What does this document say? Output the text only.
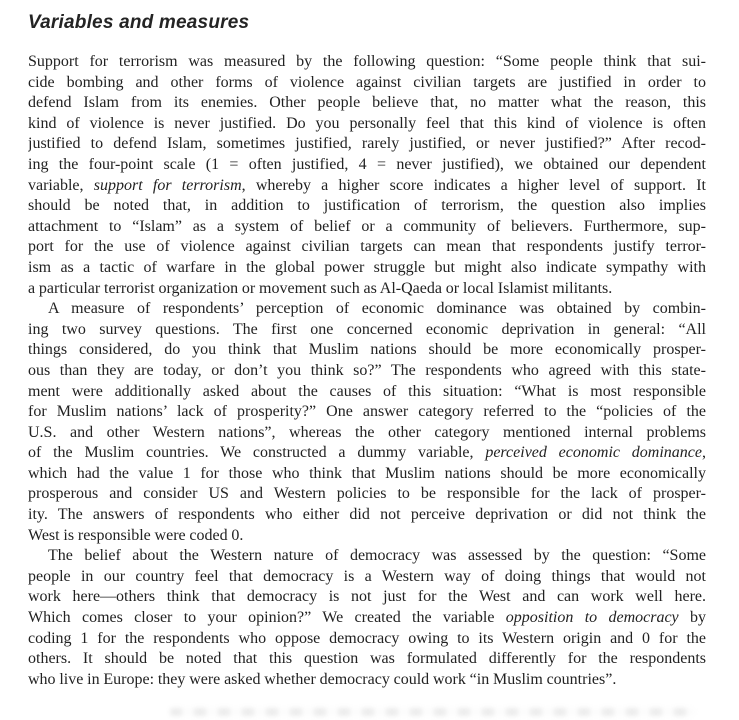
Variables and measures
Support for terrorism was measured by the following question: “Some people think that sui-
cide bombing and other forms of violence against civilian targets are justified in order to
defend Islam from its enemies. Other people believe that, no matter what the reason, this
kind of violence is never justified. Do you personally feel that this kind of violence is often
justified to defend Islam, sometimes justified, rarely justified, or never justified?” After recod-
ing the four-point scale (1 = often justified, 4 = never justified), we obtained our dependent
variable, support for terrorism, whereby a higher score indicates a higher level of support. It
should be noted that, in addition to justification of terrorism, the question also implies
attachment to “Islam” as a system of belief or a community of believers. Furthermore, sup-
port for the use of violence against civilian targets can mean that respondents justify terror-
ism as a tactic of warfare in the global power struggle but might also indicate sympathy with
a particular terrorist organization or movement such as Al-Qaeda or local Islamist militants.
A measure of respondents’ perception of economic dominance was obtained by combin-
ing two survey questions. The first one concerned economic deprivation in general: “All
things considered, do you think that Muslim nations should be more economically prosper-
ous than they are today, or don’t you think so?” The respondents who agreed with this state-
ment were additionally asked about the causes of this situation: “What is most responsible
for Muslim nations’ lack of prosperity?” One answer category referred to the “policies of the
U.S. and other Western nations”, whereas the other category mentioned internal problems
of the Muslim countries. We constructed a dummy variable, perceived economic dominance,
which had the value 1 for those who think that Muslim nations should be more economically
prosperous and consider US and Western policies to be responsible for the lack of prosper-
ity. The answers of respondents who either did not perceive deprivation or did not think the
West is responsible were coded 0.
The belief about the Western nature of democracy was assessed by the question: “Some
people in our country feel that democracy is a Western way of doing things that would not
work here—others think that democracy is not just for the West and can work well here.
Which comes closer to your opinion?” We created the variable opposition to democracy by
coding 1 for the respondents who oppose democracy owing to its Western origin and 0 for the
others. It should be noted that this question was formulated differently for the respondents
who live in Europe: they were asked whether democracy could work “in Muslim countries”.
